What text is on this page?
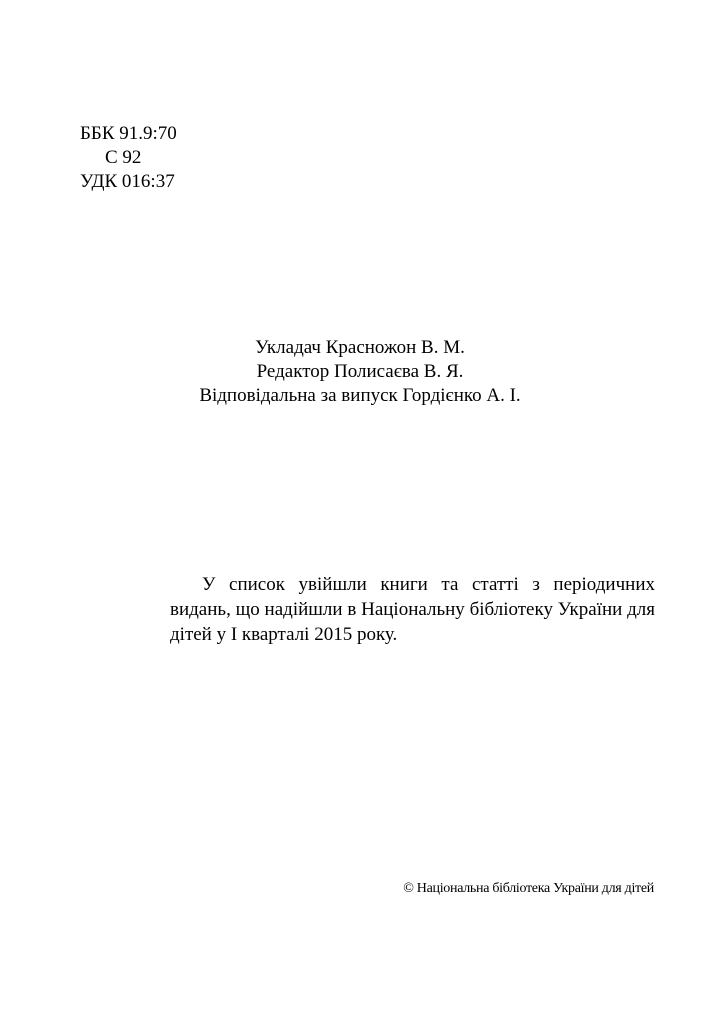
ББК 91.9:70
С 92
УДК 016:37
Укладач Красножон В. М.
Редактор Полисаєва В. Я.
Відповідальна за випуск Гордієнко А. І.

У список увійшли книги та статті з періодичних видань, що надійшли в Національну бібліотеку України для дітей у І кварталі 2015 року.

© Національна бібліотека України для дітей
